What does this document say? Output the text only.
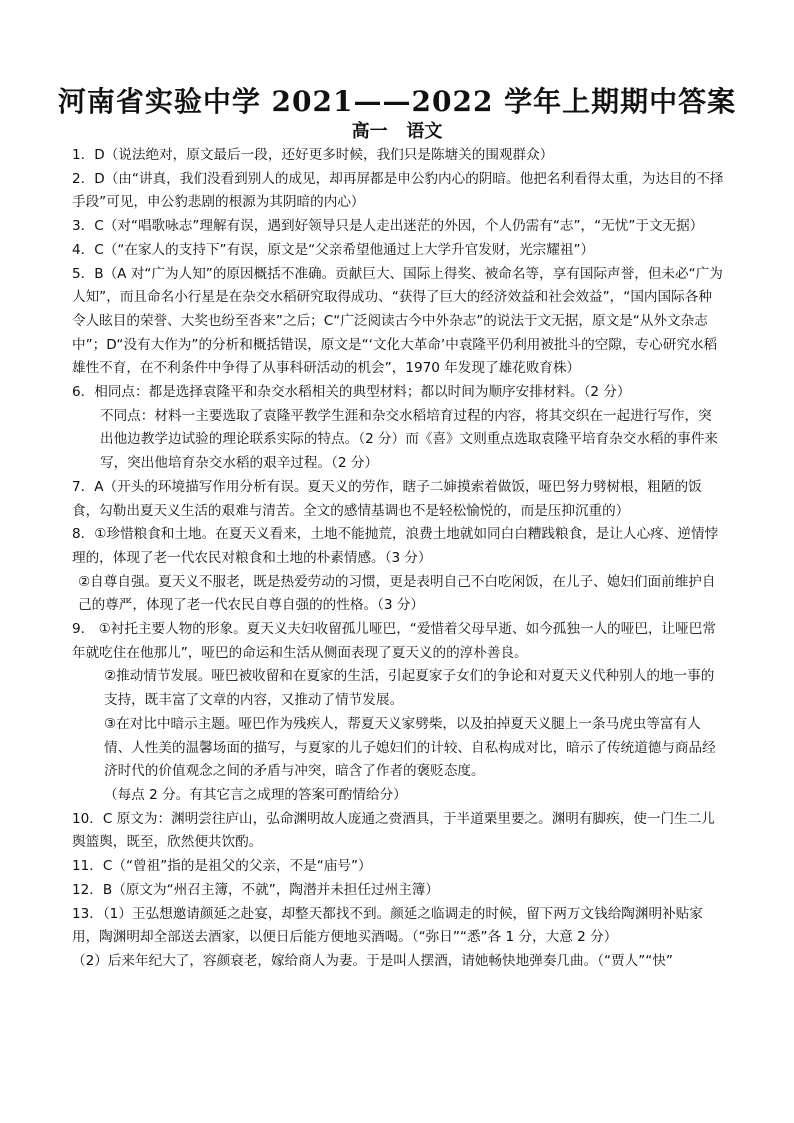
河南省实验中学 2021——2022 学年上期期中答案
高一   语文

1．D（说法绝对，原文最后一段，还好更多时候，我们只是陈塘关的围观群众）

2．D（由“讲真，我们没看到别人的成见，却再屏都是申公豹内心的阴暗。他把名利看得太重，为达目的不择手段”可见，申公豹悲剧的根源为其阴暗的内心）

3．C（对“唱歌咏志”理解有误，遇到好领导只是人走出迷茫的外因，个人仍需有“志”，“无忧”于文无据）

4．C（“在家人的支持下”有误，原文是“父亲希望他通过上大学升官发财，光宗耀祖”）

5．B（A 对“广为人知”的原因概括不准确。贡献巨大、国际上得奖、被命名等，享有国际声誉，但未必“广为人知”，而且命名小行星是在杂交水稻研究取得成功、“获得了巨大的经济效益和社会效益”，“国内国际各种令人眩目的荣誉、大奖也纷至沓来”之后；C“广泛阅读古今中外杂志”的说法于文无据，原文是“从外文杂志中”；D“没有大作为”的分析和概括错误，原文是“‘文化大革命’中袁隆平仍利用被批斗的空隙，专心研究水稻雄性不育，在不利条件中争得了从事科研活动的机会”，1970 年发现了雄花败育株）

6．相同点：都是选择袁隆平和杂交水稻相关的典型材料；都以时间为顺序安排材料。（2 分）

不同点：材料一主要选取了袁隆平教学生涯和杂交水稻培育过程的内容，将其交织在一起进行写作，突出他边教学边试验的理论联系实际的特点。（2 分）而《喜》文则重点选取袁隆平培育杂交水稻的事件来写，突出他培育杂交水稻的艰辛过程。（2 分）

7．A（开头的环境描写作用分析有误。夏天义的劳作，瞎子二婶摸索着做饭，哑巴努力劈树根，粗陋的饭食，勾勒出夏天义生活的艰难与清苦。全文的感情基调也不是轻松愉悦的，而是压抑沉重的）

8．①珍惜粮食和土地。在夏天义看来，土地不能抛荒，浪费土地就如同白白糟践粮食，是让人心疼、逆情悖理的，体现了老一代农民对粮食和土地的朴素情感。（3 分）

②自尊自强。夏天义不服老，既是热爱劳动的习惯，更是表明自己不白吃闲饭，在儿子、媳妇们面前维护自己的尊严，体现了老一代农民自尊自强的的性格。（3 分）

9． ①衬托主要人物的形象。夏天义夫妇收留孤儿哑巴，“爱惜着父母早逝、如今孤独一人的哑巴，让哑巴常年就吃住在他那儿”，哑巴的命运和生活从侧面表现了夏天义的的淳朴善良。

②推动情节发展。哑巴被收留和在夏家的生活，引起夏家子女们的争论和对夏天义代种别人的地一事的支持，既丰富了文章的内容，又推动了情节发展。

③在对比中暗示主题。哑巴作为残疾人，帮夏天义家劈柴，以及拍掉夏天义腿上一条马虎虫等富有人情、人性美的温馨场面的描写，与夏家的儿子媳妇们的计较、自私构成对比，暗示了传统道德与商品经济时代的价值观念之间的矛盾与冲突，暗含了作者的褒贬态度。

（每点 2 分。有其它言之成理的答案可酌情给分）

10．C 原文为：渊明尝往庐山，弘命渊明故人庞通之赍酒具，于半道栗里要之。渊明有脚疾，使一门生二儿舆篮舆，既至，欣然便共饮酌。

11．C（“曾祖”指的是祖父的父亲，不是“庙号”）

12．B（原文为“州召主簿，不就”，陶潜并未担任过州主簿）

13．（1）王弘想邀请颜延之赴宴，却整天都找不到。颜延之临调走的时候，留下两万文钱给陶渊明补贴家用，陶渊明却全部送去酒家，以便日后能方便地买酒喝。（“弥日”“悉”各 1 分，大意 2 分）

（2）后来年纪大了，容颜衰老，嫁给商人为妻。于是叫人摆酒，请她畅快地弹奏几曲。（“贾人”“快”
